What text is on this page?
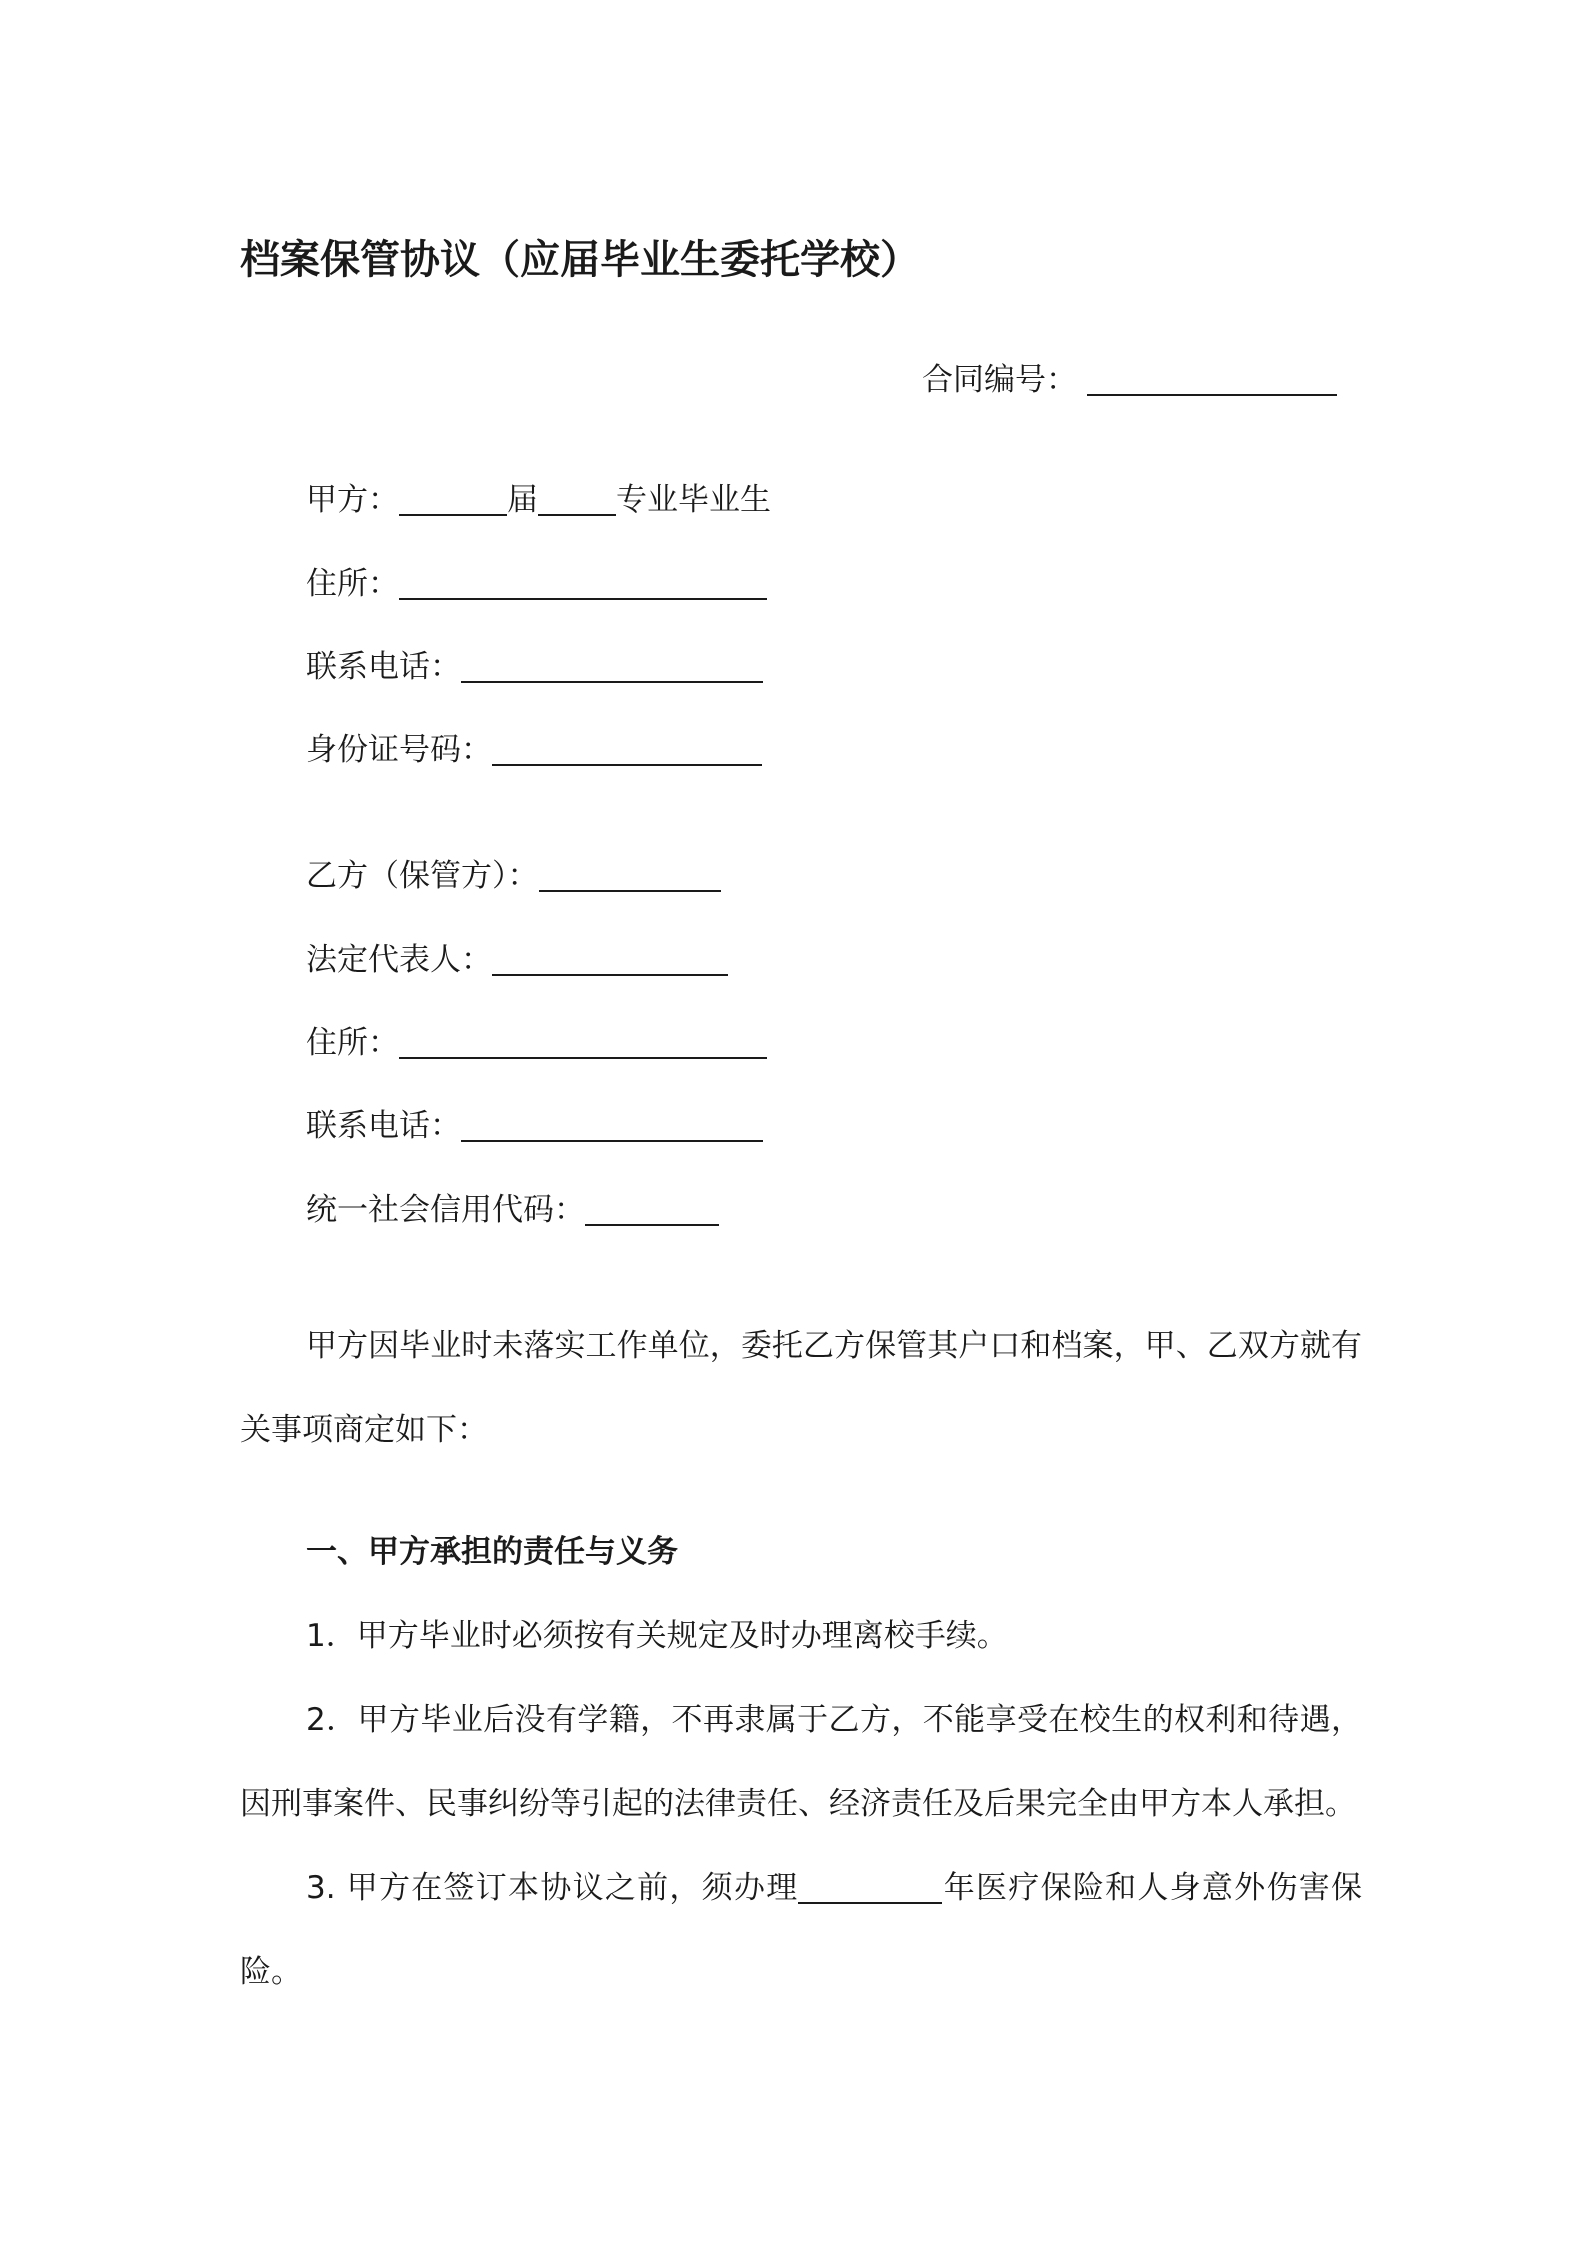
档案保管协议（应届毕业生委托学校）
合同编号：
甲方：	届	专业毕业生
住所：
联系电话：
身份证号码：
乙方（保管方）：
法定代表人：
住所：
联系电话：
统一社会信用代码：
甲方因毕业时未落实工作单位，委托乙方保管其户口和档案，甲、乙双方就有关事项商定如下：
一、甲方承担的责任与义务
1．甲方毕业时必须按有关规定及时办理离校手续。
2．甲方毕业后没有学籍，不再隶属于乙方，不能享受在校生的权利和待遇，因刑事案件、民事纠纷等引起的法律责任、经济责任及后果完全由甲方本人承担。
3. 甲方在签订本协议之前，须办理	年医疗保险和人身意外伤害保险。
